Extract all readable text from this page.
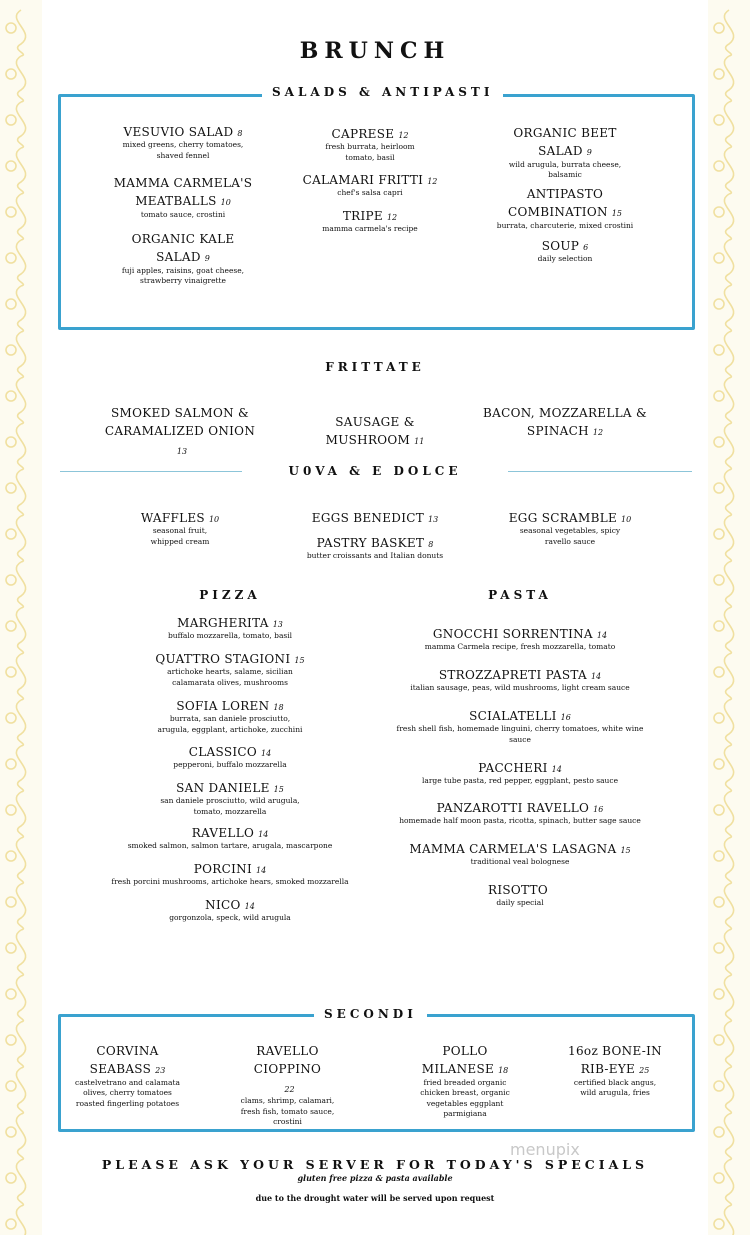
BRUNCH
SALADS & ANTIPASTI
VESUVIO SALAD 8
mixed greens, cherry tomatoes, shaved fennel
MAMMA CARMELA'S MEATBALLS 10
tomato sauce, crostini
ORGANIC KALE SALAD 9
fuji apples, raisins, goat cheese, strawberry vinaigrette
CAPRESE 12
fresh burrata, heirloom tomato, basil
CALAMARI FRITTI 12
chef's salsa capri
TRIPE 12
mamma carmela's recipe
ORGANIC BEET SALAD 9
wild arugula, burrata cheese, balsamic
ANTIPASTO COMBINATION 15
burrata, charcuterie, mixed crostini
SOUP 6
daily selection
FRITTATE
SMOKED SALMON & CARAMALIZED ONION
13
SAUSAGE & MUSHROOM 11
BACON, MOZZARELLA & SPINACH 12
U0VA & E DOLCE
WAFFLES 10
seasonal fruit, whipped cream
EGGS BENEDICT 13
PASTRY BASKET 8
butter croissants and Italian donuts
EGG SCRAMBLE 10
seasonal vegetables, spicy ravello sauce
PIZZA
MARGHERITA 13
buffalo mozzarella, tomato, basil
QUATTRO STAGIONI 15
artichoke hearts, salame, sicilian calamarata olives, mushrooms
SOFIA LOREN 18
burrata, san daniele prosciutto, arugula, eggplant, artichoke, zucchini
CLASSICO 14
pepperoni, buffalo mozzarella
SAN DANIELE 15
san daniele prosciutto, wild arugula, tomato, mozzarella
RAVELLO 14
smoked salmon, salmon tartare, arugala, mascarpone
PORCINI 14
fresh porcini mushrooms, artichoke hears, smoked mozzarella
NICO 14
gorgonzola, speck, wild arugula
PASTA
GNOCCHI SORRENTINA 14
mamma Carmela recipe, fresh mozzarella, tomato
STROZZAPRETI PASTA 14
italian sausage, peas, wild mushrooms, light cream sauce
SCIALATELLI 16
fresh shell fish, homemade linguini, cherry tomatoes, white wine sauce
PACCHERI 14
large tube pasta, red pepper, eggplant, pesto sauce
PANZAROTTI RAVELLO 16
homemade half moon pasta, ricotta, spinach, butter sage sauce
MAMMA CARMELA'S LASAGNA 15
traditional veal bolognese
RISOTTO
daily special
SECONDI
CORVINA SEABASS 23
castelvetrano and calamata olives, cherry tomatoes roasted fingerling potatoes
RAVELLO CIOPPINO
22
clams, shrimp, calamari, fresh fish, tomato sauce, crostini
POLLO MILANESE 18
fried breaded organic chicken breast, organic vegetables eggplant parmigiana
16oz BONE-IN RIB-EYE 25
certified black angus, wild arugula, fries
menupix
PLEASE ASK YOUR SERVER FOR TODAY'S SPECIALS
gluten free pizza & pasta available
due to the drought water will be served upon request
